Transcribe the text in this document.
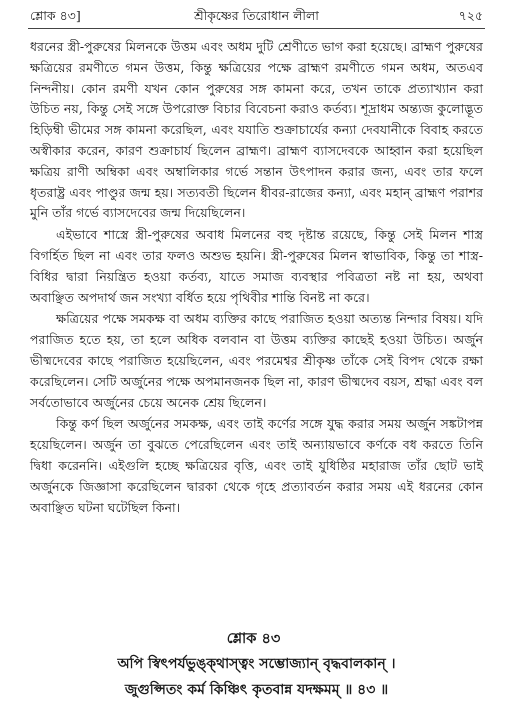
শ্লোক ৪৩]	শ্রীকৃষ্ণের তিরোধান লীলা	৭২৫

ধরনের স্ত্রী-পুরুষের মিলনকে উত্তম এবং অধম দুটি শ্রেণীতে ভাগ করা হয়েছে। ব্রাহ্মণ পুরুষের ক্ষত্রিয়ের রমণীতে গমন উত্তম, কিন্তু ক্ষত্রিয়ের পক্ষে ব্রাহ্মণ রমণীতে গমন অধম, অতএব নিন্দনীয়। কোন রমণী যখন কোন পুরুষের সঙ্গ কামনা করে, তখন তাকে প্রত্যাখ্যান করা উচিত নয়, কিন্তু সেই সঙ্গে উপরোক্ত বিচার বিবেচনা করাও কর্তব্য। শূদ্রাধম অন্ত্যজ কুলোদ্ভূত হিড়িম্বী ভীমের সঙ্গ কামনা করেছিল, এবং যযাতি শুক্রাচার্যের কন্যা দেবযানীকে বিবাহ করতে অস্বীকার করেন, কারণ শুক্রাচার্য ছিলেন ব্রাহ্মণ। ব্রাহ্মণ ব্যাসদেবকে আহ্বান করা হয়েছিল ক্ষত্রিয় রাণী অম্বিকা এবং অম্বালিকার গর্ভে সন্তান উৎপাদন করার জন্য, এবং তার ফলে ধৃতরাষ্ট্র এবং পাণ্ডুর জন্ম হয়। সত্যবতী ছিলেন ধীবর-রাজের কন্যা, এবং মহান্‌ ব্রাহ্মণ পরাশর মুনি তাঁর গর্ভে ব্যাসদেবের জন্ম দিয়েছিলেন।

এইভাবে শাস্ত্রে স্ত্রী-পুরুষের অবাধ মিলনের বহু দৃষ্টান্ত রয়েছে, কিন্তু সেই মিলন শাস্ত্র বিগর্হিত ছিল না এবং তার ফলও অশুভ হয়নি। স্ত্রী-পুরুষের মিলন স্বাভাবিক, কিন্তু তা শাস্ত্র-বিধির দ্বারা নিয়ন্ত্রিত হওয়া কর্তব্য, যাতে সমাজ ব্যবস্থার পবিত্রতা নষ্ট না হয়, অথবা অবাঞ্ছিত অপদার্থ জন সংখ্যা বর্ধিত হয়ে পৃথিবীর শান্তি বিনষ্ট না করে।

ক্ষত্রিয়ের পক্ষে সমকক্ষ বা অধম ব্যক্তির কাছে পরাজিত হওয়া অত্যন্ত নিন্দার বিষয়। যদি পরাজিত হতে হয়, তা হলে অধিক বলবান বা উত্তম ব্যক্তির কাছেই হওয়া উচিত। অর্জুন ভীষ্মদেবের কাছে পরাজিত হয়েছিলেন, এবং পরমেশ্বর শ্রীকৃষ্ণ তাঁকে সেই বিপদ থেকে রক্ষা করেছিলেন। সেটি অর্জুনের পক্ষে অপমানজনক ছিল না, কারণ ভীষ্মদেব বয়স, শ্রদ্ধা এবং বল সর্বতোভাবে অর্জুনের চেয়ে অনেক শ্রেয় ছিলেন।

কিন্তু কর্ণ ছিল অর্জুনের সমকক্ষ, এবং তাই কর্ণের সঙ্গে যুদ্ধ করার সময় অর্জুন সঙ্কটাপন্ন হয়েছিলেন। অর্জুন তা বুঝতে পেরেছিলেন এবং তাই অন্যায়ভাবে কর্ণকে বধ করতে তিনি দ্বিধা করেননি। এইগুলি হচ্ছে ক্ষত্রিয়ের বৃত্তি, এবং তাই যুধিষ্ঠির মহারাজ তাঁর ছোট ভাই অর্জুনকে জিজ্ঞাসা করেছিলেন দ্বারকা থেকে গৃহে প্রত্যাবর্তন করার সময় এই ধরনের কোন অবাঞ্ছিত ঘটনা ঘটেছিল কিনা।

শ্লোক ৪৩
অপি স্বিৎপর্যভুঙ্‌ক্থাস্ত্বং সম্ভোজ্যান্‌ বৃদ্ধবালকান্‌ ।
জুগুপ্সিতং কর্ম কিঞ্চিৎ কৃতবান্ন যদক্ষমম্‌ ॥ ৪৩ ॥
